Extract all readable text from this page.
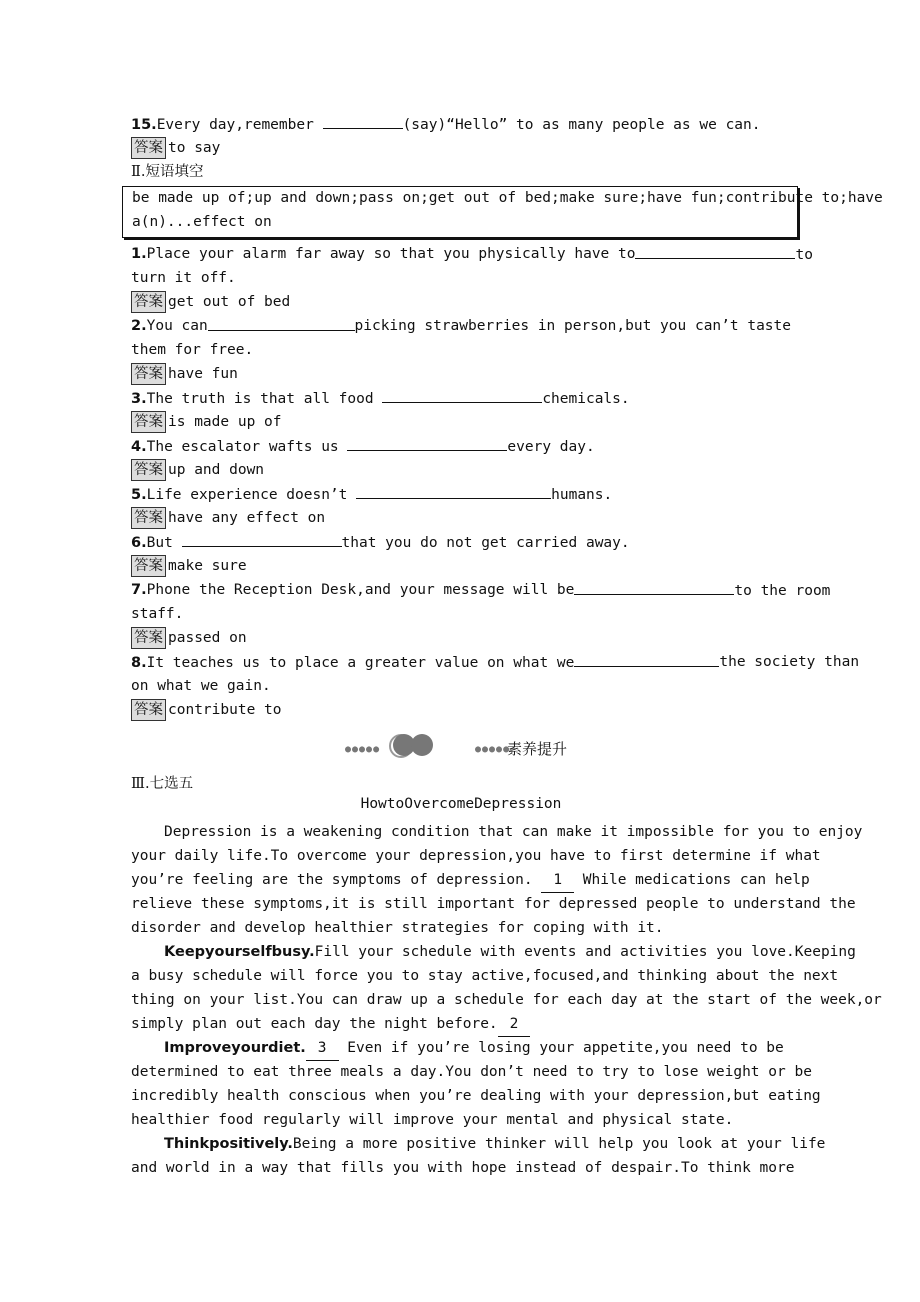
15.Every day,remember	(say)“Hello” to as many people as we can.
答案 to say
Ⅱ.短语填空
be made up of;up and down;pass on;get out of bed;make sure;have fun;contribute to;have
a(n)...effect on
1.Place your alarm far away so that you physically have to	to
turn it off.
答案 get out of bed
2.You can	picking strawberries in person,but you can’t taste
them for free.
答案 have fun
3.The truth is that all food	chemicals.
答案 is made up of
4.The escalator wafts us	every day.
答案 up and down
5.Life experience doesn’t	humans.
答案 have any effect on
6.But	that you do not get carried away.
答案 make sure
7.Phone the Reception Desk,and your message will be	to the room
staff.
答案 passed on
8.It teaches us to place a greater value on what we	the society than
on what we gain.
答案 contribute to
●●●●●	●●●●●
素养提升
Ⅲ.七选五
HowtoOvercomeDepression
Depression is a weakening condition that can make it impossible for you to enjoy
your daily life.To overcome your depression,you have to first determine if what
you’re feeling are the symptoms of depression. 1 While medications can help
relieve these symptoms,it is still important for depressed people to understand the
disorder and develop healthier strategies for coping with it.
Keepyourselfbusy.Fill your schedule with events and activities you love.Keeping
a busy schedule will force you to stay active,focused,and thinking about the next
thing on your list.You can draw up a schedule for each day at the start of the week,or
simply plan out each day the night before. 2
Improveyourdiet. 3 Even if you’re losing your appetite,you need to be
determined to eat three meals a day.You don’t need to try to lose weight or be
incredibly health conscious when you’re dealing with your depression,but eating
healthier food regularly will improve your mental and physical state.
Thinkpositively.Being a more positive thinker will help you look at your life
and world in a way that fills you with hope instead of despair.To think more
